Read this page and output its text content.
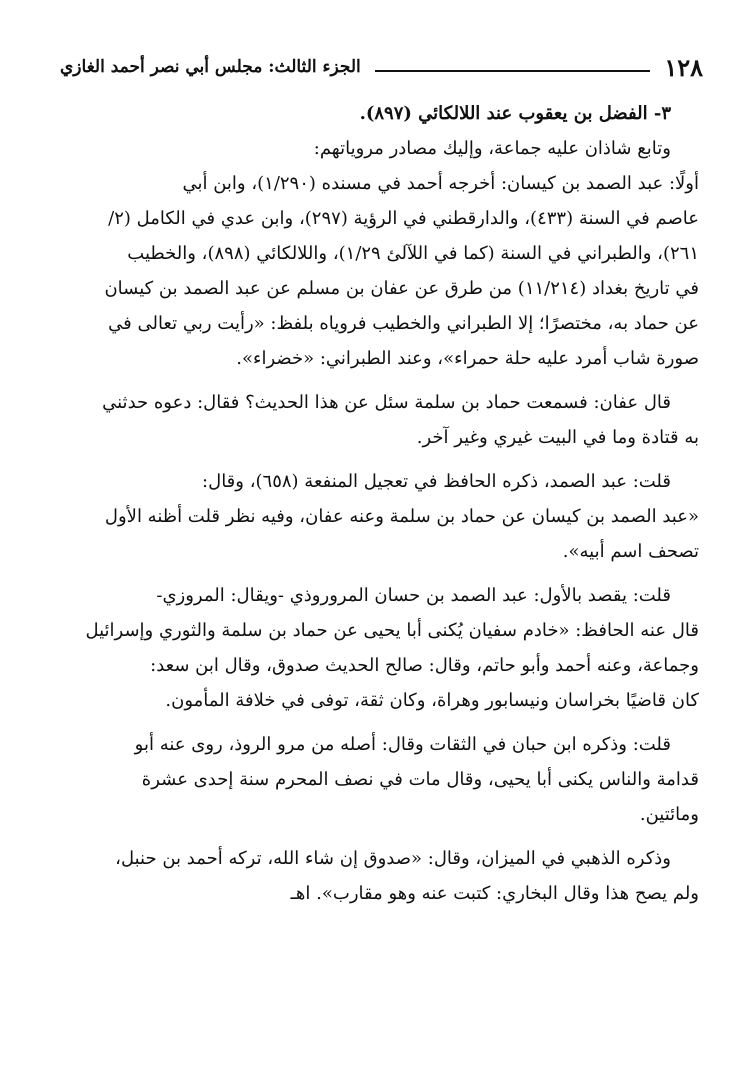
١٢٨
الجزء الثالث: مجلس أبي نصر أحمد الغازي
٣- الفضل بن يعقوب عند اللالكائي (٨٩٧).
وتابع شاذان عليه جماعة، وإليك مصادر مروياتهم:
أولًا: عبد الصمد بن كيسان: أخرجه أحمد في مسنده (١/٢٩٠)، وابن أبي
عاصم في السنة (٤٣٣)، والدارقطني في الرؤية (٢٩٧)، وابن عدي في الكامل (٢/
٢٦١)، والطبراني في السنة (كما في اللآلئ ١/٢٩)، واللالكائي (٨٩٨)، والخطيب
في تاريخ بغداد (١١/٢١٤) من طرق عن عفان بن مسلم عن عبد الصمد بن كيسان
عن حماد به، مختصرًا؛ إلا الطبراني والخطيب فروياه بلفظ: «رأيت ربي تعالى في
صورة شاب أمرد عليه حلة حمراء»، وعند الطبراني: «خضراء».
قال عفان: فسمعت حماد بن سلمة سئل عن هذا الحديث؟ فقال: دعوه حدثني
به قتادة وما في البيت غيري وغير آخر.
قلت: عبد الصمد، ذكره الحافظ في تعجيل المنفعة (٦٥٨)، وقال:
«عبد الصمد بن كيسان عن حماد بن سلمة وعنه عفان، وفيه نظر قلت أظنه الأول
تصحف اسم أبيه».
قلت: يقصد بالأول: عبد الصمد بن حسان المروروذي -ويقال: المروزي-
قال عنه الحافظ: «خادم سفيان يُكنى أبا يحيى عن حماد بن سلمة والثوري وإسرائيل
وجماعة، وعنه أحمد وأبو حاتم، وقال: صالح الحديث صدوق، وقال ابن سعد:
كان قاضيًا بخراسان ونيسابور وهراة، وكان ثقة، توفى في خلافة المأمون.
قلت: وذكره ابن حبان في الثقات وقال: أصله من مرو الروذ، روى عنه أبو
قدامة والناس يكنى أبا يحيى، وقال مات في نصف المحرم سنة إحدى عشرة
ومائتين.
وذكره الذهبي في الميزان، وقال: «صدوق إن شاء الله، تركه أحمد بن حنبل،
ولم يصح هذا وقال البخاري: كتبت عنه وهو مقارب». اهـ
